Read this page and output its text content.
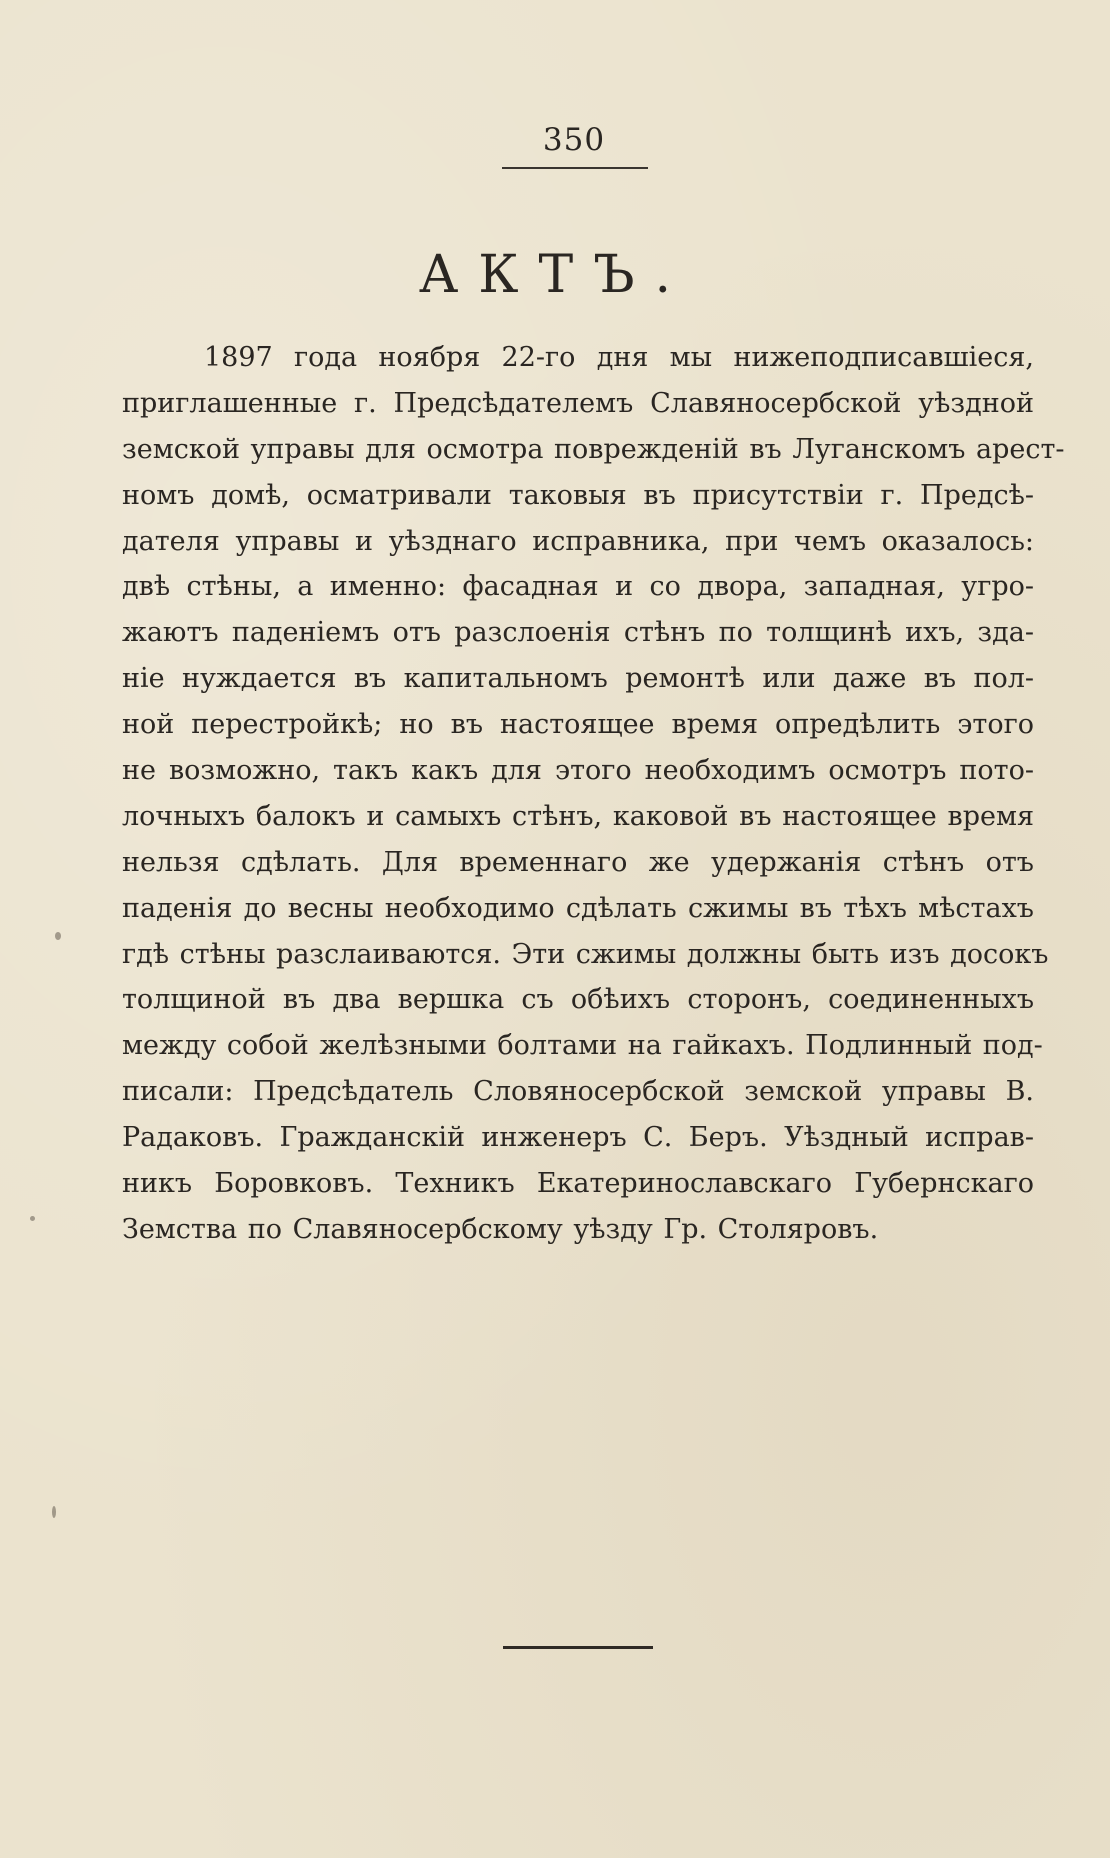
350
АКТЪ.
1897 года ноября 22-го дня мы нижеподписавшіеся,
приглашенные г. Предсѣдателемъ Славяносербской уѣздной
земской управы для осмотра поврежденій въ Луганскомъ арест-
номъ домѣ, осматривали таковыя въ присутствіи г. Предсѣ-
дателя управы и уѣзднаго исправника, при чемъ оказалось:
двѣ стѣны, а именно: фасадная и со двора, западная, угро-
жаютъ паденіемъ отъ разслоенія стѣнъ по толщинѣ ихъ, зда-
ніе нуждается въ капитальномъ ремонтѣ или даже въ пол-
ной перестройкѣ; но въ настоящее время опредѣлить этого
не возможно, такъ какъ для этого необходимъ осмотръ пото-
лочныхъ балокъ и самыхъ стѣнъ, каковой въ настоящее время
нельзя сдѣлать. Для временнаго же удержанія стѣнъ отъ
паденія до весны необходимо сдѣлать сжимы въ тѣхъ мѣстахъ
гдѣ стѣны разслаиваются. Эти сжимы должны быть изъ досокъ
толщиной въ два вершка съ обѣихъ сторонъ, соединенныхъ
между собой желѣзными болтами на гайкахъ. Подлинный под-
писали: Предсѣдатель Словяносербской земской управы В.
Радаковъ. Гражданскій инженеръ С. Беръ. Уѣздный исправ-
никъ Боровковъ. Техникъ Екатеринославскаго Губернскаго
Земства по Славяносербскому уѣзду Гр. Столяровъ.
